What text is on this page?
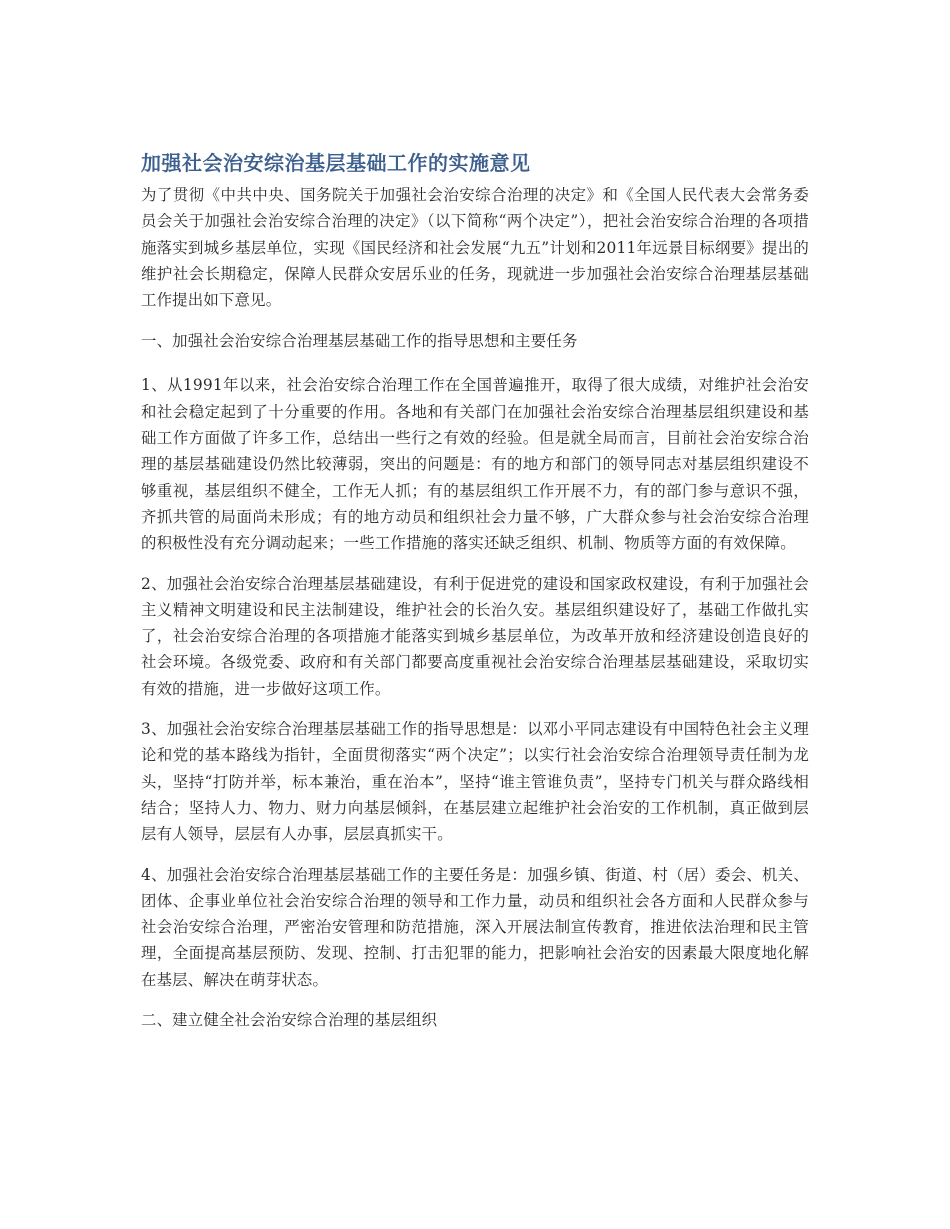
加强社会治安综治基层基础工作的实施意见

为了贯彻《中共中央、国务院关于加强社会治安综合治理的决定》和《全国人民代表大会常务委员会关于加强社会治安综合治理的决定》（以下简称“两个决定”），把社会治安综合治理的各项措施落实到城乡基层单位，实现《国民经济和社会发展“九五”计划和2011年远景目标纲要》提出的维护社会长期稳定，保障人民群众安居乐业的任务，现就进一步加强社会治安综合治理基层基础工作提出如下意见。

一、加强社会治安综合治理基层基础工作的指导思想和主要任务

1、从1991年以来，社会治安综合治理工作在全国普遍推开，取得了很大成绩，对维护社会治安和社会稳定起到了十分重要的作用。各地和有关部门在加强社会治安综合治理基层组织建设和基础工作方面做了许多工作，总结出一些行之有效的经验。但是就全局而言，目前社会治安综合治理的基层基础建设仍然比较薄弱，突出的问题是：有的地方和部门的领导同志对基层组织建设不够重视，基层组织不健全，工作无人抓；有的基层组织工作开展不力，有的部门参与意识不强，齐抓共管的局面尚未形成；有的地方动员和组织社会力量不够，广大群众参与社会治安综合治理的积极性没有充分调动起来；一些工作措施的落实还缺乏组织、机制、物质等方面的有效保障。

2、加强社会治安综合治理基层基础建设，有利于促进党的建设和国家政权建设，有利于加强社会主义精神文明建设和民主法制建设，维护社会的长治久安。基层组织建设好了，基础工作做扎实了，社会治安综合治理的各项措施才能落实到城乡基层单位，为改革开放和经济建设创造良好的社会环境。各级党委、政府和有关部门都要高度重视社会治安综合治理基层基础建设，采取切实有效的措施，进一步做好这项工作。

3、加强社会治安综合治理基层基础工作的指导思想是：以邓小平同志建设有中国特色社会主义理论和党的基本路线为指针，全面贯彻落实“两个决定”；以实行社会治安综合治理领导责任制为龙头，坚持“打防并举，标本兼治，重在治本”，坚持“谁主管谁负责”，坚持专门机关与群众路线相结合；坚持人力、物力、财力向基层倾斜，在基层建立起维护社会治安的工作机制，真正做到层层有人领导，层层有人办事，层层真抓实干。

4、加强社会治安综合治理基层基础工作的主要任务是：加强乡镇、街道、村（居）委会、机关、团体、企事业单位社会治安综合治理的领导和工作力量，动员和组织社会各方面和人民群众参与社会治安综合治理，严密治安管理和防范措施，深入开展法制宣传教育，推进依法治理和民主管理，全面提高基层预防、发现、控制、打击犯罪的能力，把影响社会治安的因素最大限度地化解在基层、解决在萌芽状态。

二、建立健全社会治安综合治理的基层组织
